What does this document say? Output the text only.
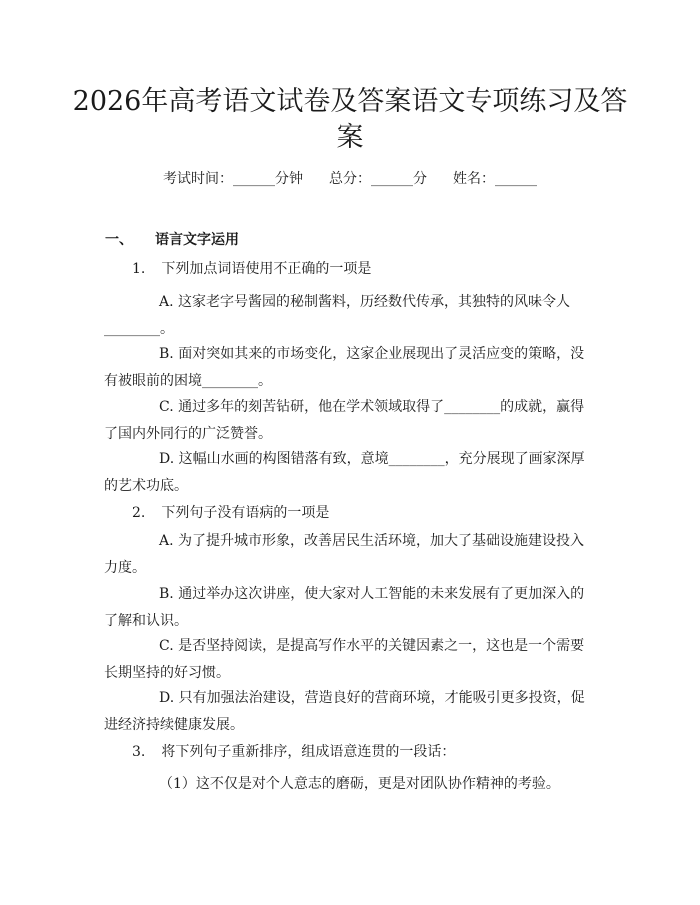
2026年高考语文试卷及答案语文专项练习及答案
考试时间：______分钟 总分：______分 姓名：______
一、 语言文字运用
1. 下列加点词语使用不正确的一项是
A. 这家老字号酱园的秘制酱料，历经数代传承，其独特的风味令人________。
B. 面对突如其来的市场变化，这家企业展现出了灵活应变的策略，没有被眼前的困境________。
C. 通过多年的刻苦钻研，他在学术领域取得了________的成就，赢得了国内外同行的广泛赞誉。
D. 这幅山水画的构图错落有致，意境________，充分展现了画家深厚的艺术功底。
2. 下列句子没有语病的一项是
A. 为了提升城市形象，改善居民生活环境，加大了基础设施建设投入力度。
B. 通过举办这次讲座，使大家对人工智能的未来发展有了更加深入的了解和认识。
C. 是否坚持阅读，是提高写作水平的关键因素之一，这也是一个需要长期坚持的好习惯。
D. 只有加强法治建设，营造良好的营商环境，才能吸引更多投资，促进经济持续健康发展。
3. 将下列句子重新排序，组成语意连贯的一段话：
（1）这不仅是对个人意志的磨砺，更是对团队协作精神的考验。
